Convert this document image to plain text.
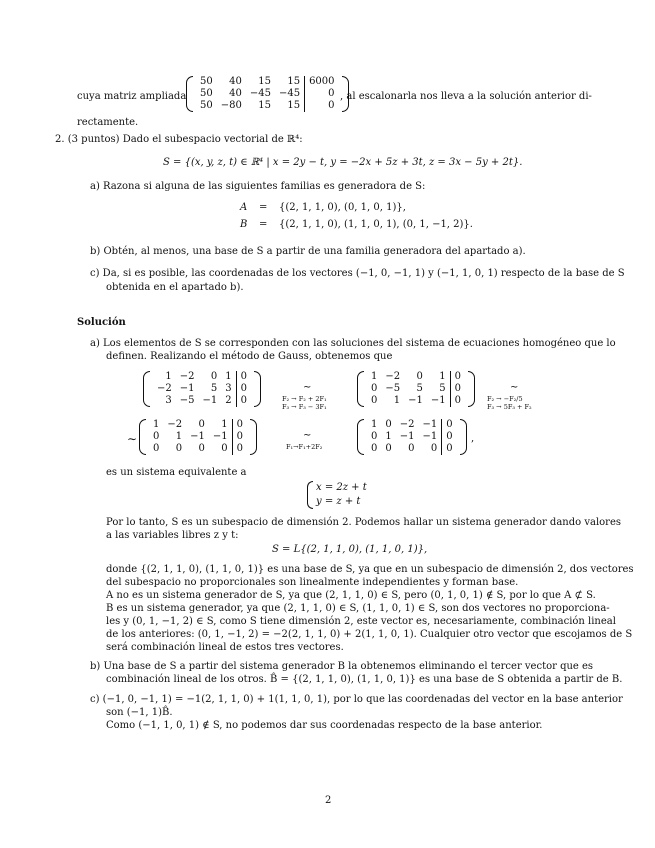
cuya matriz ampliada
50	40	15	15 6000
50	40 −45 −45	0
50 −80	15	15	0
, al escalonarla nos lleva a la solución anterior di-
rectamente.
2. (3 puntos) Dado el subespacio vectorial de ℝ⁴:
S = {(x, y, z, t) ∈ ℝ⁴ | x = 2y − t, y = −2x + 5z + 3t, z = 3x − 5y + 2t}.
a) Razona si alguna de las siguientes familias es generadora de S:
A = {(2, 1, 1, 0), (0, 1, 0, 1)},
B = {(2, 1, 1, 0), (1, 1, 0, 1), (0, 1, −1, 2)}.
b) Obtén, al menos, una base de S a partir de una familia generadora del apartado a).
c) Da, si es posible, las coordenadas de los vectores (−1, 0, −1, 1) y (−1, 1, 0, 1) respecto de la base de S
obtenida en el apartado b).
Solución
a) Los elementos de S se corresponden con las soluciones del sistema de ecuaciones homogéneo que lo
definen. Realizando el método de Gauss, obtenemos que
1 −2	0 1 0
−2 −1	5 3 0
3 −5 −1 2 0
∼
F₂ → F₂ + 2F₁
F₃ → F₃ − 3F₁
1 −2	0	1 0
0 −5	5	5 0
0	1 −1 −1 0
∼
F₂ → −F₂/5
F₃ → 5F₃ + F₂
∼
1 −2	0	1 0
0	1 −1 −1 0
0	0	0	0 0
∼
F₁→F₁+2F₂
1 0 −2 −1 0
0 1 −1 −1 0
0 0	0	0 0
,
es un sistema equivalente a
x = 2z + t
y = z + t
Por lo tanto, S es un subespacio de dimensión 2. Podemos hallar un sistema generador dando valores
a las variables libres z y t:
S = L{(2, 1, 1, 0), (1, 1, 0, 1)},
donde {(2, 1, 1, 0), (1, 1, 0, 1)} es una base de S, ya que en un subespacio de dimensión 2, dos vectores
del subespacio no proporcionales son linealmente independientes y forman base.
A no es un sistema generador de S, ya que (2, 1, 1, 0) ∈ S, pero (0, 1, 0, 1) ∉ S, por lo que A ⊄ S.
B es un sistema generador, ya que (2, 1, 1, 0) ∈ S, (1, 1, 0, 1) ∈ S, son dos vectores no proporciona-
les y (0, 1, −1, 2) ∈ S, como S tiene dimensión 2, este vector es, necesariamente, combinación lineal
de los anteriores: (0, 1, −1, 2) = −2(2, 1, 1, 0) + 2(1, 1, 0, 1). Cualquier otro vector que escojamos de S
será combinación lineal de estos tres vectores.
b) Una base de S a partir del sistema generador B la obtenemos eliminando el tercer vector que es
combinación lineal de los otros. B̂ = {(2, 1, 1, 0), (1, 1, 0, 1)} es una base de S obtenida a partir de B.
c) (−1, 0, −1, 1) = −1(2, 1, 1, 0) + 1(1, 1, 0, 1), por lo que las coordenadas del vector en la base anterior
son (−1, 1)B̂.
Como (−1, 1, 0, 1) ∉ S, no podemos dar sus coordenadas respecto de la base anterior.
2
